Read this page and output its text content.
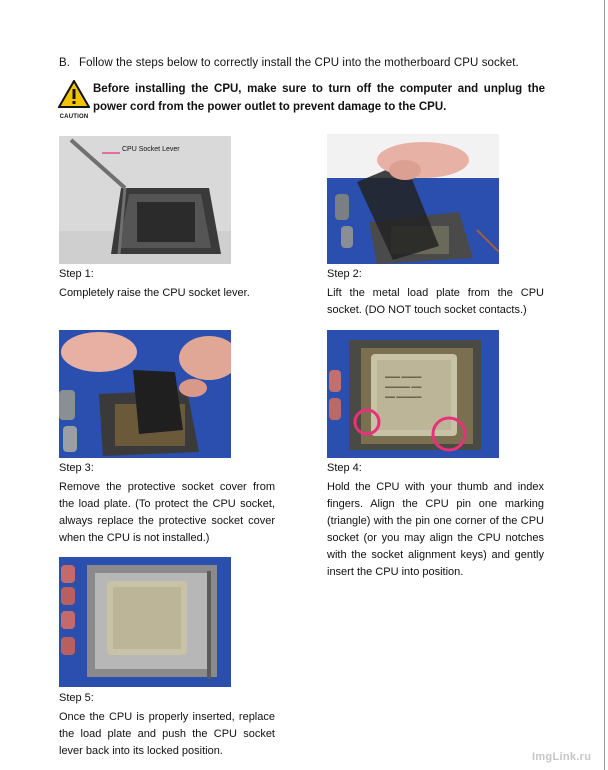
B. Follow the steps below to correctly install the CPU into the motherboard CPU socket.
CAUTION
Before installing the CPU, make sure to turn off the computer and unplug the power cord from the power outlet to prevent damage to the CPU.
CPU Socket Lever
Step 1:
Completely raise the CPU socket lever.
Step 2:
Lift the metal load plate from the CPU socket. (DO NOT touch socket contacts.)
Step 3:
Remove the protective socket cover from the load plate. (To protect the CPU socket, always replace the protective socket cover when the CPU is not installed.)
▬▬▬ ▬▬▬▬
▬▬▬▬▬ ▬▬
▬▬ ▬▬▬▬▬
Step 4:
Hold the CPU with your thumb and index fingers. Align the CPU pin one marking (triangle) with the pin one corner of the CPU socket (or you may align the CPU notches with the socket alignment keys) and gently insert the CPU into position.
Step 5:
Once the CPU is properly inserted, replace the load plate and push the CPU socket lever back into its locked position.	ImgLink.ru
